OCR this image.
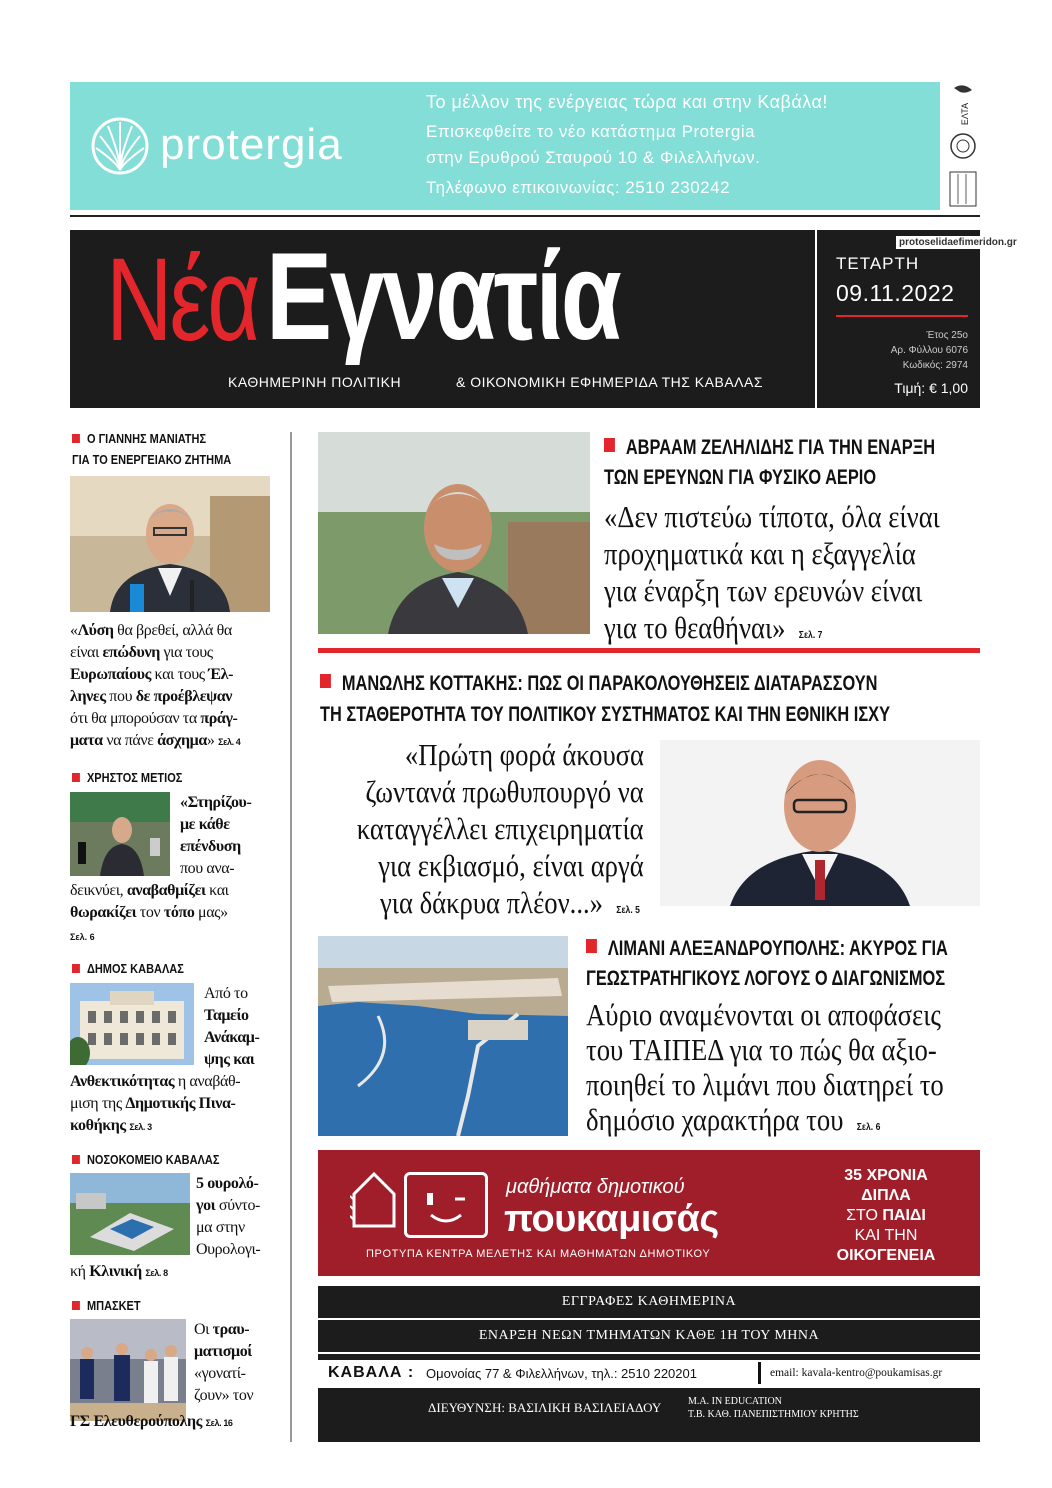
protergia
Το μέλλον της ενέργειας τώρα και στην Καβάλα!
Επισκεφθείτε το νέο κατάστημα Protergia
στην Ερυθρού Σταυρού 10 & Φιλελλήνων.
Τηλέφωνο επικοινωνίας: 2510 230242
ΕΛΤΑ
Νέα Εγνατία
ΚΑΘΗΜΕΡΙΝΗ ΠΟΛΙΤΙΚΗ	& ΟΙΚΟΝΟΜΙΚΗ ΕΦΗΜΕΡΙΔΑ ΤΗΣ ΚΑΒΑΛΑΣ
ΤΕΤΑΡΤΗ
09.11.2022
Έτος 25ο
Αρ. Φύλλου 6076
Κωδικός: 2974
Τιμή: € 1,00
protoselidaefimeridon.gr
Ο ΓΙΑΝΝΗΣ ΜΑΝΙΑΤΗΣ
ΓΙΑ ΤΟ ΕΝΕΡΓΕΙΑΚΟ ΖΗΤΗΜΑ
«Λύση θα βρεθεί, αλλά θα
είναι επώδυνη για τους
Ευρωπαίους και τους Έλ-
ληνες που δε προέβλεψαν
ότι θα μπορούσαν τα πράγ-
ματα να πάνε άσχημα» Σελ. 4
ΧΡΗΣΤΟΣ ΜΕΤΙΟΣ
«Στηρίζου-
με κάθε
επένδυση
που ανα-
δεικνύει, αναβαθμίζει και
θωρακίζει τον τόπο μας»
Σελ. 6
ΔΗΜΟΣ ΚΑΒΑΛΑΣ
Από το
Ταμείο
Ανάκαμ-
ψης και
Ανθεκτικότητας η αναβάθ-
μιση της Δημοτικής Πινα-
κοθήκης Σελ. 3
ΝΟΣΟΚΟΜΕΙΟ ΚΑΒΑΛΑΣ
5 ουρολό-
γοι σύντο-
μα στην
Ουρολογι-
κή Κλινική Σελ. 8
ΜΠΑΣΚΕΤ
Οι τραυ-
ματισμοί
«γονατί-
ζουν» τον
ΓΣ Ελευθερούπολης Σελ. 16
ΑΒΡΑΑΜ ΖΕΛΗΛΙΔΗΣ ΓΙΑ ΤΗΝ ΕΝΑΡΞΗ
ΤΩΝ ΕΡΕΥΝΩΝ ΓΙΑ ΦΥΣΙΚΟ ΑΕΡΙΟ
«Δεν πιστεύω τίποτα, όλα είναι
προχηματικά και η εξαγγελία
για έναρξη των ερευνών είναι
για το θεαθήναι» Σελ. 7
ΜΑΝΩΛΗΣ ΚΟΤΤΑΚΗΣ: ΠΩΣ ΟΙ ΠΑΡΑΚΟΛΟΥΘΗΣΕΙΣ ΔΙΑΤΑΡΑΣΣΟΥΝ
ΤΗ ΣΤΑΘΕΡΟΤΗΤΑ ΤΟΥ ΠΟΛΙΤΙΚΟΥ ΣΥΣΤΗΜΑΤΟΣ ΚΑΙ ΤΗΝ ΕΘΝΙΚΗ ΙΣΧΥ
«Πρώτη φορά άκουσα
ζωντανά πρωθυπουργό να
καταγγέλλει επιχειρηματία
για εκβιασμό, είναι αργά
για δάκρυα πλέον...» Σελ. 5
ΛΙΜΑΝΙ ΑΛΕΞΑΝΔΡΟΥΠΟΛΗΣ: ΑΚΥΡΟΣ ΓΙΑ
ΓΕΩΣΤΡΑΤΗΓΙΚΟΥΣ ΛΟΓΟΥΣ Ο ΔΙΑΓΩΝΙΣΜΟΣ
Αύριο αναμένονται οι αποφάσεις
του ΤΑΙΠΕΔ για το πώς θα αξιο-
ποιηθεί το λιμάνι που διατηρεί το
δημόσιο χαρακτήρα του Σελ. 6
μαθήματα δημοτικού
πουκαμισάς
ΠΡΟΤΥΠΑ ΚΕΝΤΡΑ ΜΕΛΕΤΗΣ ΚΑΙ ΜΑΘΗΜΑΤΩΝ ΔΗΜΟΤΙΚΟΥ
35 ΧΡΟΝΙΑ
ΔΙΠΛΑ
ΣΤΟ ΠΑΙΔΙ
ΚΑΙ ΤΗΝ
ΟΙΚΟΓΕΝΕΙΑ
ΕΓΓΡΑΦΕΣ ΚΑΘΗΜΕΡΙΝΑ
ΕΝΑΡΞΗ ΝΕΩΝ ΤΜΗΜΑΤΩΝ ΚΑΘΕ 1Η ΤΟΥ ΜΗΝΑ
ΚΑΒΑΛΑ : Ομονοίας 77 & Φιλελλήνων, τηλ.: 2510 220201	email: kavala-kentro@poukamisas.gr
ΔΙΕΥΘΥΝΣΗ: ΒΑΣΙΛΙΚΗ ΒΑΣΙΛΕΙΑΔΟΥ	M.A. IN EDUCATION
Τ.Β. ΚΑΘ. ΠΑΝΕΠΙΣΤΗΜΙΟΥ ΚΡΗΤΗΣ
